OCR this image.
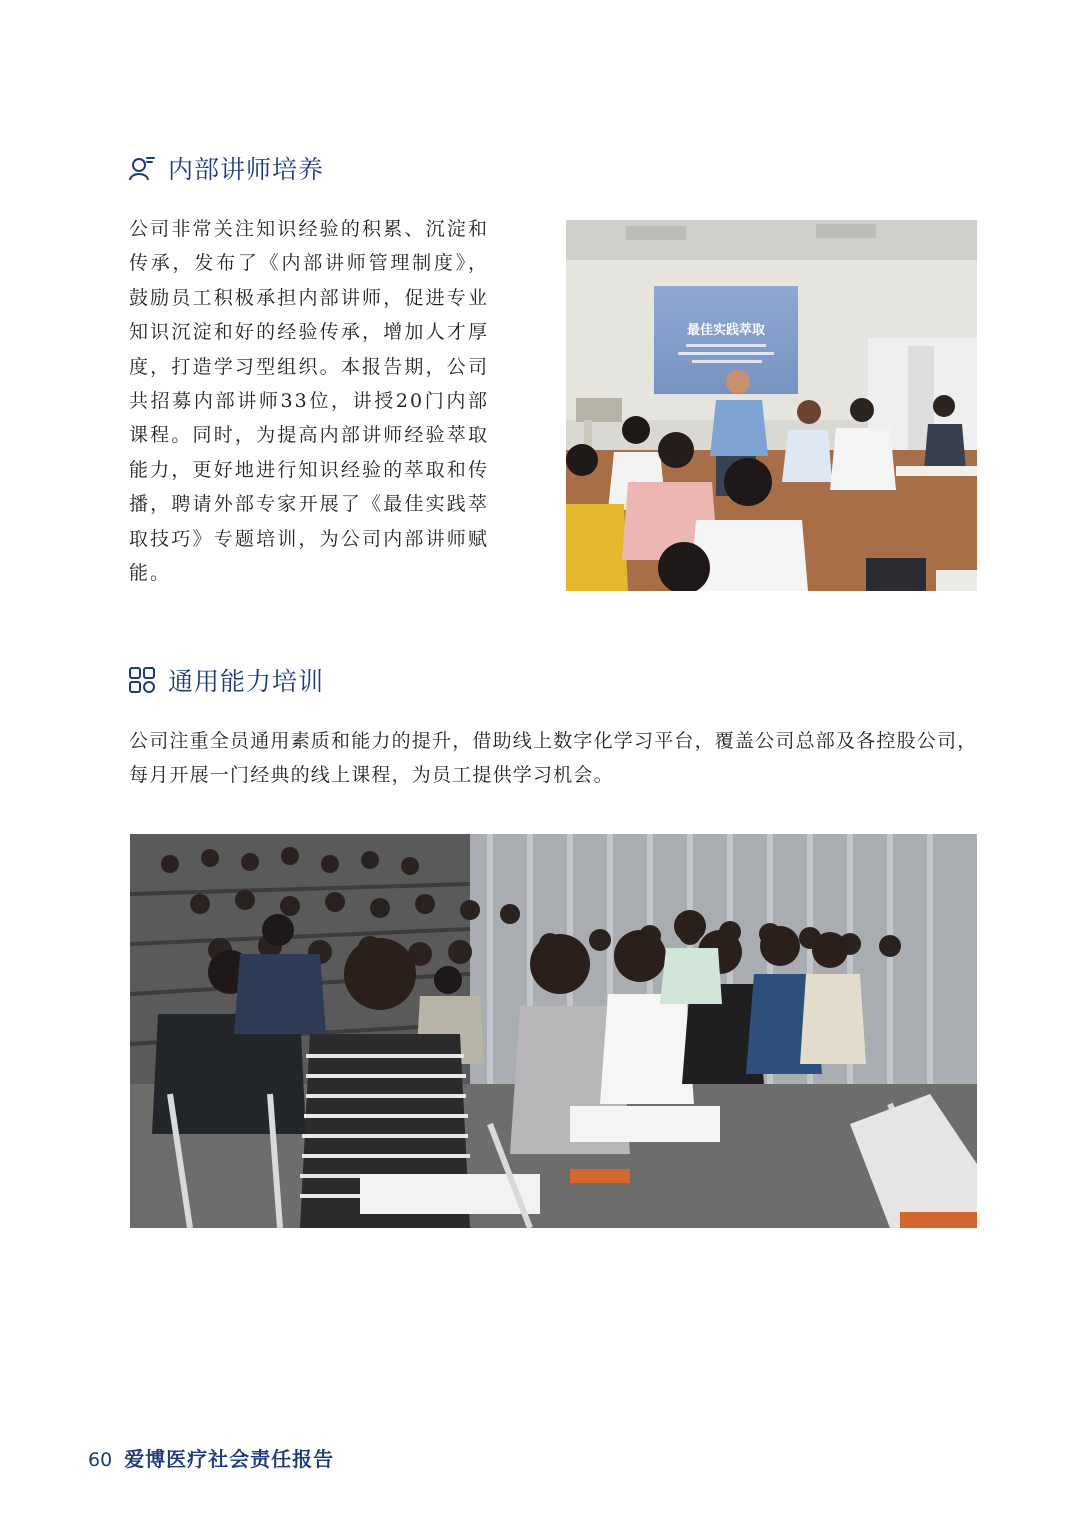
内部讲师培养
公司非常关注知识经验的积累、沉淀和传承，发布了《内部讲师管理制度》，鼓励员工积极承担内部讲师，促进专业知识沉淀和好的经验传承，增加人才厚度，打造学习型组织。本报告期，公司共招募内部讲师33位，讲授20门内部课程。同时，为提高内部讲师经验萃取能力，更好地进行知识经验的萃取和传播，聘请外部专家开展了《最佳实践萃取技巧》专题培训，为公司内部讲师赋能。
最佳实践萃取
通用能力培训
公司注重全员通用素质和能力的提升，借助线上数字化学习平台，覆盖公司总部及各控股公司，每月开展一门经典的线上课程，为员工提供学习机会。
60 爱博医疗社会责任报告
